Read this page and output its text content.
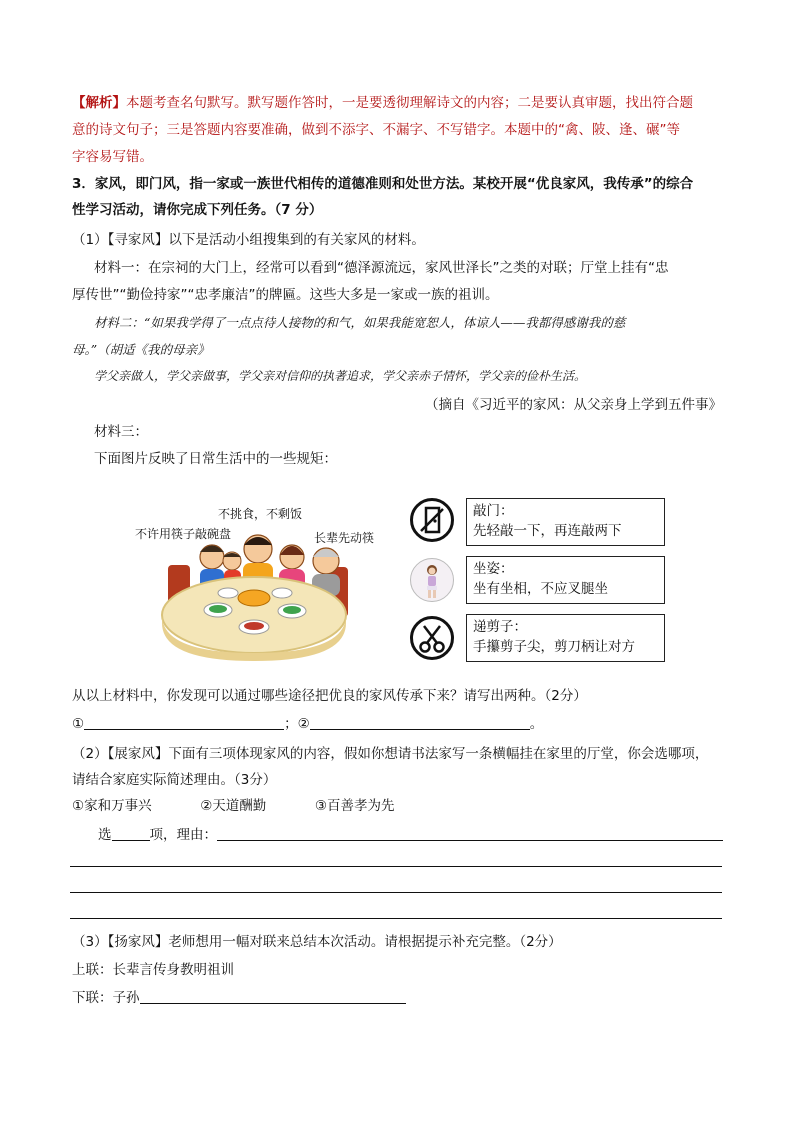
【解析】本题考查名句默写。默写题作答时，一是要透彻理解诗文的内容；二是要认真审题，找出符合题
意的诗文句子；三是答题内容要准确，做到不添字、不漏字、不写错字。本题中的“禽、陂、逢、碾”等
字容易写错。
3．家风，即门风，指一家或一族世代相传的道德准则和处世方法。某校开展“优良家风，我传承”的综合
性学习活动，请你完成下列任务。（7 分）
（1）【寻家风】以下是活动小组搜集到的有关家风的材料。
材料一：在宗祠的大门上，经常可以看到“德泽源流远，家风世泽长”之类的对联；厅堂上挂有“忠
厚传世”“勤俭持家”“忠孝廉洁”的牌匾。这些大多是一家或一族的祖训。
材料二：“如果我学得了一点点待人接物的和气，如果我能宽恕人，体谅人——我都得感谢我的慈
母。”（胡适《我的母亲》
学父亲做人，学父亲做事，学父亲对信仰的执著追求，学父亲赤子情怀，学父亲的俭朴生活。
（摘自《习近平的家风：从父亲身上学到五件事》
材料三：
下面图片反映了日常生活中的一些规矩：
不挑食，不剩饭
不许用筷子敲碗盘	长辈先动筷
敲门：
先轻敲一下，再连敲两下
坐姿：
坐有坐相，不应叉腿坐
递剪子：
手攥剪子尖，剪刀柄让对方
从以上材料中，你发现可以通过哪些途径把优良的家风传承下来？请写出两种。（2分）
①	；②	。
（2）【展家风】下面有三项体现家风的内容，假如你想请书法家写一条横幅挂在家里的厅堂，你会选哪项，
请结合家庭实际简述理由。（3分）
①家和万事兴	②天道酬勤	③百善孝为先
选	项，理由：
（3）【扬家风】老师想用一幅对联来总结本次活动。请根据提示补充完整。（2分）
上联：长辈言传身教明祖训
下联：子孙
